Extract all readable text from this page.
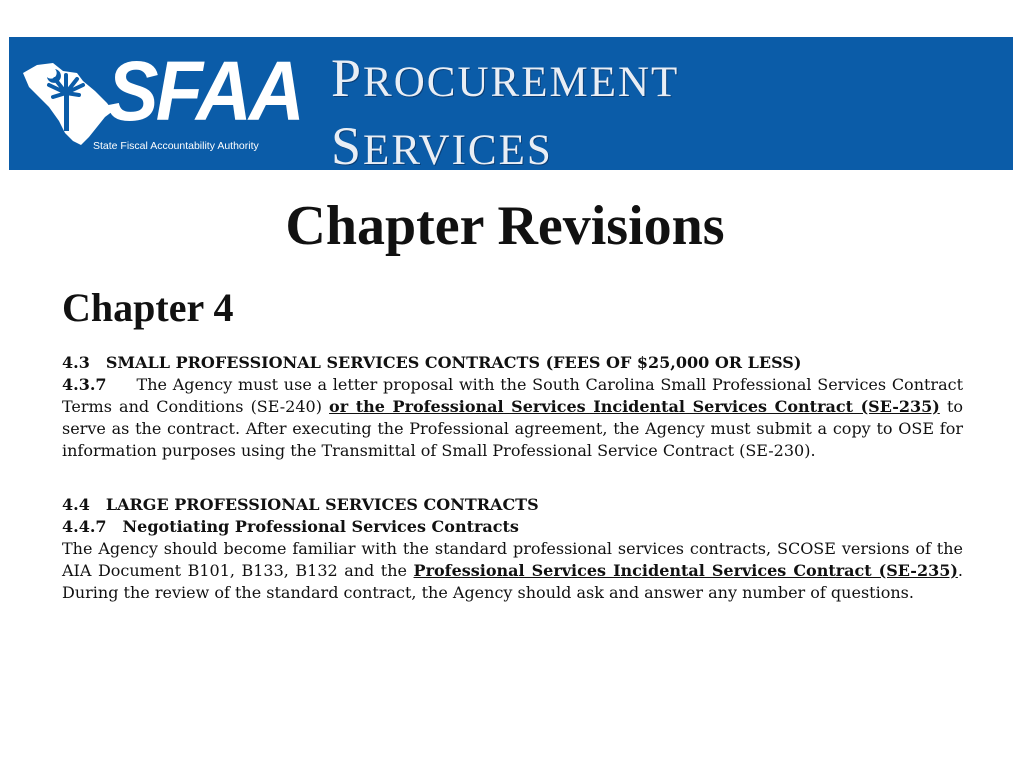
SFAA
State Fiscal Accountability Authority
PROCUREMENT
SERVICES
Chapter Revisions
Chapter 4

4.3 SMALL PROFESSIONAL SERVICES CONTRACTS (FEES OF $25,000 OR LESS)

4.3.7 The Agency must use a letter proposal with the South Carolina Small Professional Services Contract Terms and Conditions (SE-240) or the Professional Services Incidental Services Contract (SE-235) to serve as the contract. After executing the Professional agreement, the Agency must submit a copy to OSE for information purposes using the Transmittal of Small Professional Service Contract (SE-230).

4.4 LARGE PROFESSIONAL SERVICES CONTRACTS

4.4.7 Negotiating Professional Services Contracts

The Agency should become familiar with the standard professional services contracts, SCOSE versions of the AIA Document B101, B133, B132 and the Professional Services Incidental Services Contract (SE-235). During the review of the standard contract, the Agency should ask and answer any number of questions.
